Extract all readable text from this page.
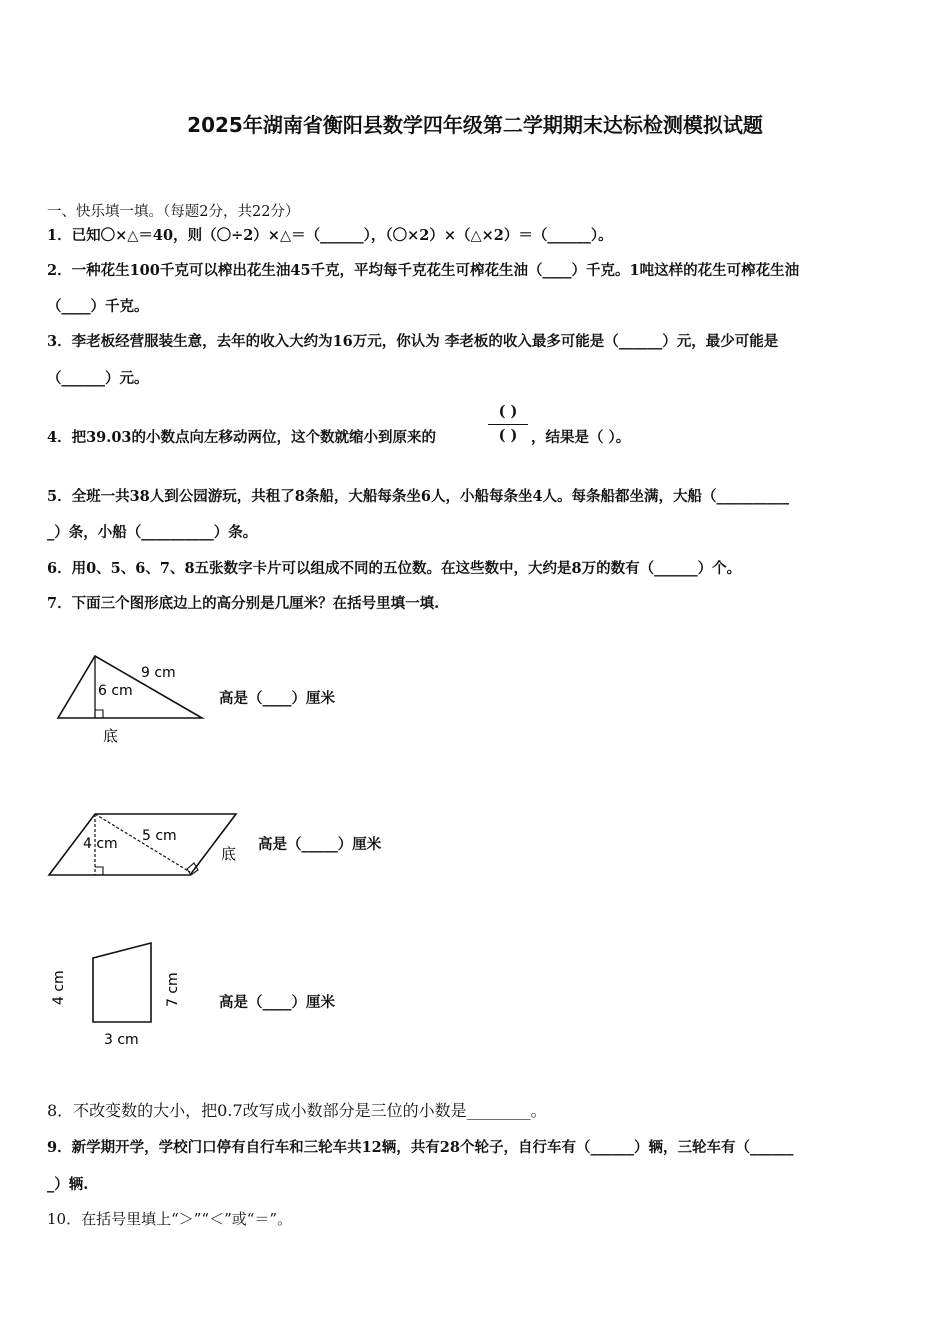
2025年湖南省衡阳县数学四年级第二学期期末达标检测模拟试题
一、快乐填一填。（每题2分，共22分）
1．已知〇×△＝40，则（〇÷2）×△＝（______），（〇×2）×（△×2）＝（______）。
2．一种花生100千克可以榨出花生油45千克，平均每千克花生可榨花生油（____）千克。1吨这样的花生可榨花生油
（____）千克。
3．李老板经营服装生意，去年的收入大约为16万元，你认为 李老板的收入最多可能是（______）元，最少可能是
（______）元。
4．把39.03的小数点向左移动两位，这个数就缩小到原来的
( )
( ) ，结果是（ ）。
5．全班一共38人到公园游玩，共租了8条船，大船每条坐6人，小船每条坐4人。每条船都坐满，大船（__________
_）条，小船（__________）条。
6．用0、5、6、7、8五张数字卡片可以组成不同的五位数。在这些数中，大约是8万的数有（______）个。
7．下面三个图形底边上的高分别是几厘米？在括号里填一填.
9 cm
6 cm
底
高是（____）厘米
4 cm 5 cm
底
高是（_____）厘米
4 cm	7 cm
3 cm
高是（____）厘米
8．不改变数的大小，把0.7改写成小数部分是三位的小数是________。
9．新学期开学，学校门口停有自行车和三轮车共12辆，共有28个轮子，自行车有（______）辆，三轮车有（______
_）辆.
10．在括号里填上“＞”“＜”或“＝”。
